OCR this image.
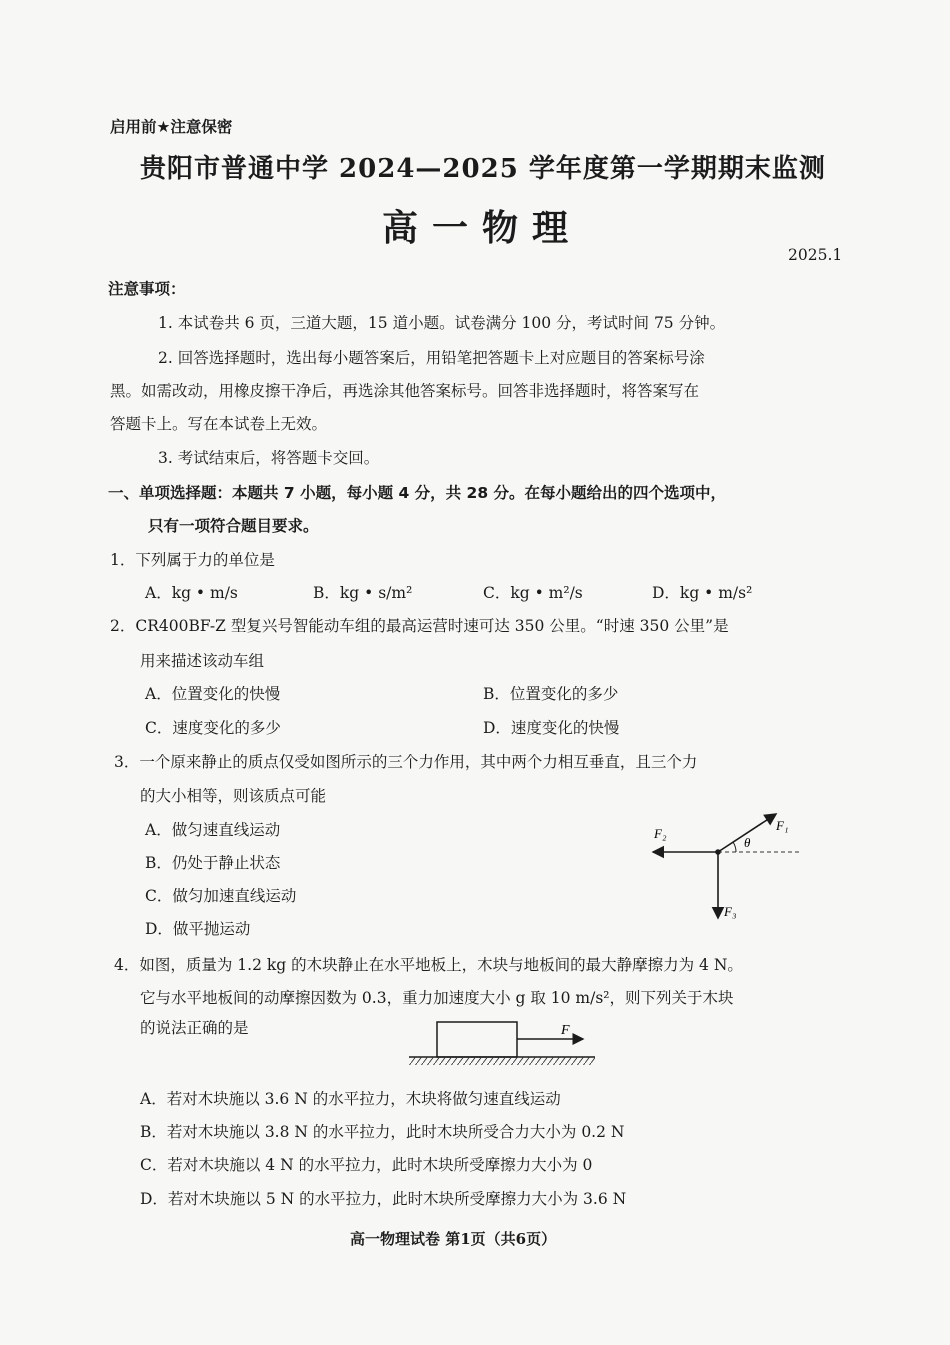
启用前★注意保密
贵阳市普通中学 2024—2025 学年度第一学期期末监测
高一物理
2025.1
注意事项：
1. 本试卷共 6 页，三道大题，15 道小题。试卷满分 100 分，考试时间 75 分钟。
2. 回答选择题时，选出每小题答案后，用铅笔把答题卡上对应题目的答案标号涂
黑。如需改动，用橡皮擦干净后，再选涂其他答案标号。回答非选择题时，将答案写在
答题卡上。写在本试卷上无效。
3. 考试结束后，将答题卡交回。
一、单项选择题：本题共 7 小题，每小题 4 分，共 28 分。在每小题给出的四个选项中，
只有一项符合题目要求。
1．下列属于力的单位是
A．kg • m/s	B．kg • s/m²	C．kg • m²/s	D．kg • m/s²
2．CR400BF-Z 型复兴号智能动车组的最高运营时速可达 350 公里。“时速 350 公里”是
用来描述该动车组
A．位置变化的快慢	B．位置变化的多少
C．速度变化的多少	D．速度变化的快慢
3．一个原来静止的质点仅受如图所示的三个力作用，其中两个力相互垂直，且三个力
的大小相等，则该质点可能
A．做匀速直线运动
B．仍处于静止状态
C．做匀加速直线运动
D．做平抛运动
θ
F₁
F₂
F₃
4．如图，质量为 1.2 kg 的木块静止在水平地板上，木块与地板间的最大静摩擦力为 4 N。
它与水平地板间的动摩擦因数为 0.3，重力加速度大小 g 取 10 m/s²，则下列关于木块
的说法正确的是	F
A．若对木块施以 3.6 N 的水平拉力，木块将做匀速直线运动
B．若对木块施以 3.8 N 的水平拉力，此时木块所受合力大小为 0.2 N
C．若对木块施以 4 N 的水平拉力，此时木块所受摩擦力大小为 0
D．若对木块施以 5 N 的水平拉力，此时木块所受摩擦力大小为 3.6 N
高一物理试卷 第1页（共6页）
